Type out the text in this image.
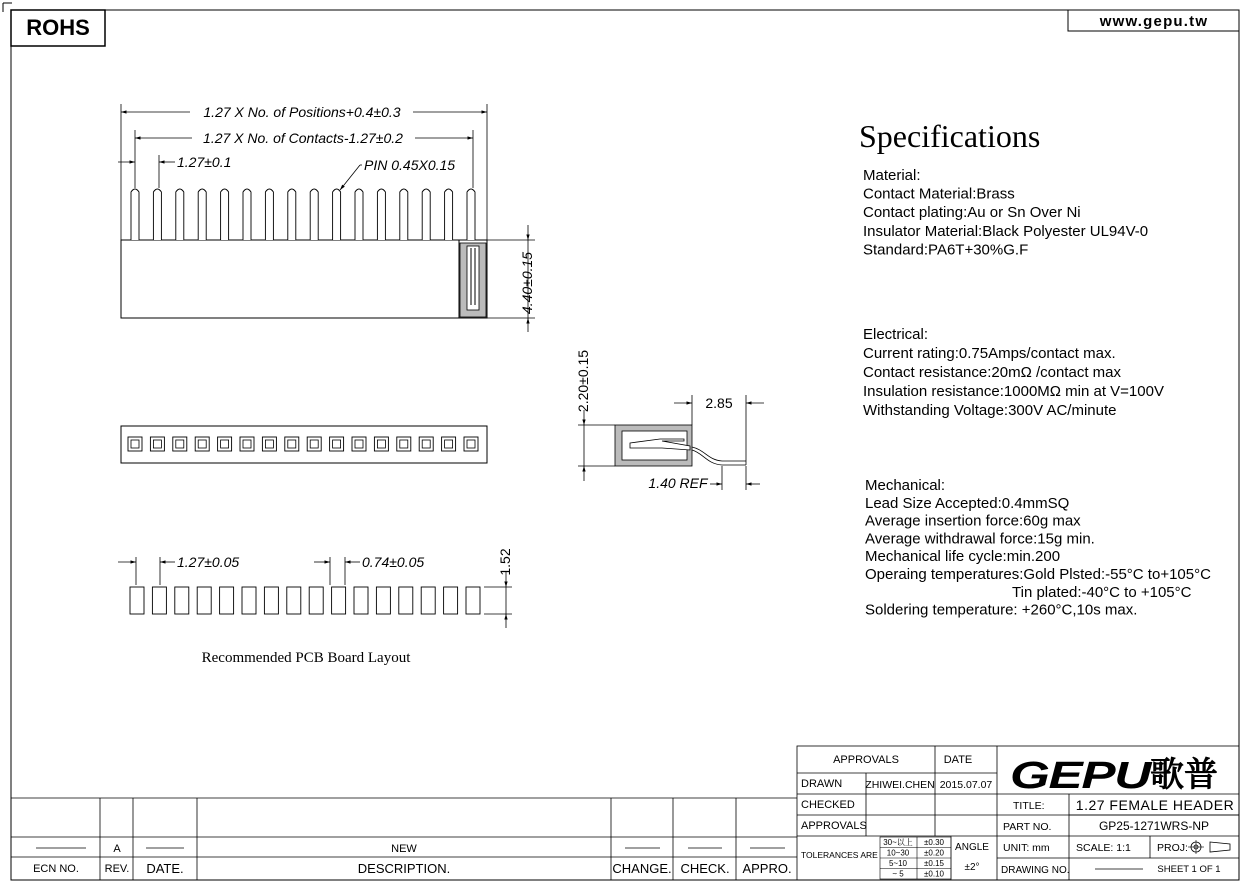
ROHS	www.gepu.tw
1.27 X No. of Positions+0.4±0.3
1.27 X No. of Contacts-1.27±0.2
1.27±0.1	PIN 0.45X0.15
4.40±0.15
2.20±0.15	2.85
1.40 REF
1.27±0.05	0.74±0.05	1.52
Recommended PCB Board Layout
Specifications
Material:
Contact Material:Brass
Contact plating:Au or Sn Over Ni
Insulator Material:Black Polyester UL94V-0
Standard:PA6T+30%G.F
Electrical:
Current rating:0.75Amps/contact max.
Contact resistance:20mΩ /contact max
Insulation resistance:1000MΩ min at V=100V
Withstanding Voltage:300V AC/minute
Mechanical:
Lead Size Accepted:0.4mmSQ
Average insertion force:60g max
Average withdrawal force:15g min.
Mechanical life cycle:min.200
Operaing temperatures:Gold Plsted:-55°C to+105°C
Tin plated:-40°C to +105°C
Soldering temperature: +260°C,10s max.
A	NEW
ECN NO. REV. DATE.	DESCRIPTION.	CHANGE. CHECK. APPRO.
APPROVALS	DATE
DRAWN ZHIWEI.CHEN 2015.07.07
CHECKED
APPROVALS
TOLERANCES ARE
30~以上 ±0.30
10~30 ±0.20
5~10 ±0.15
~ 5	±0.10
ANGLE
±2°
GEPU
歌普
TITLE: 1.27 FEMALE HEADER
PART NO.	GP25-1271WRS-NP
UNIT: mm	SCALE: 1:1 PROJ:
DRAWING NO.	SHEET 1 OF 1
